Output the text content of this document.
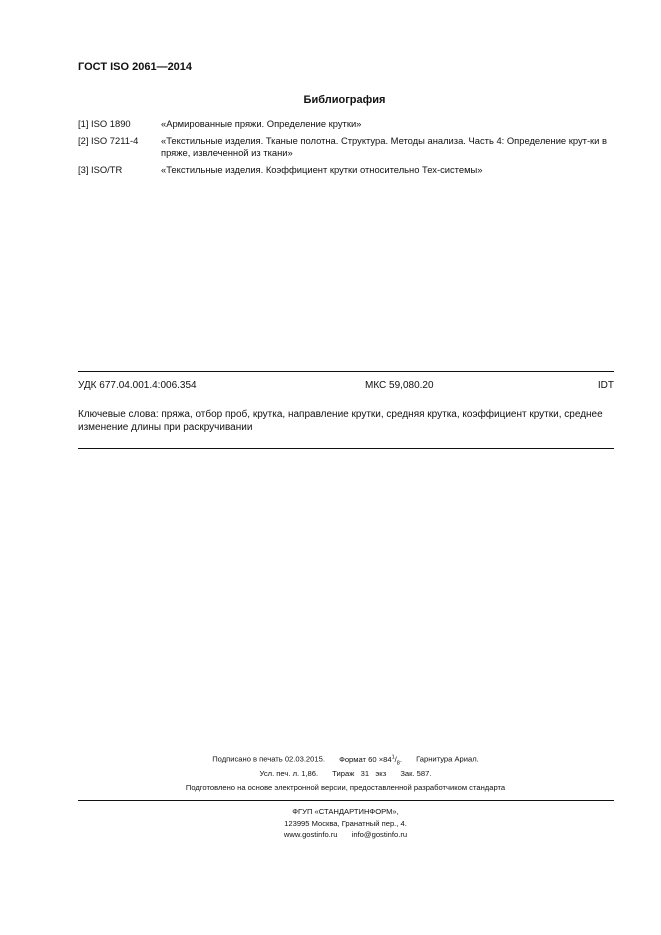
ГОСТ ISO 2061—2014
Библиография
[1] ISO 1890	«Армированные пряжи. Определение крутки»
[2] ISO 7211-4	«Текстильные изделия. Тканые полотна. Структура. Методы анализа. Часть 4: Определение крут-ки в пряже, извлеченной из ткани»
[3] ISO/TR	«Текстильные изделия. Коэффициент крутки относительно Тех-системы»
УДК 677.04.001.4:006.354	МКС 59,080.20	IDT
Ключевые слова: пряжа, отбор проб, крутка, направление крутки, средняя крутка, коэффициент крутки, среднее изменение длины при раскручивании
Подписано в печать 02.03.2015. Формат $60 \times 84^1/_8$. Гарнитура Ариал.
Усл. печ. л. 1,86. Тираж   31   экз Зак. 587.
Подготовлено на основе электронной версии, предоставленной разработчиком стандарта
ФГУП «СТАНДАРТИНФОРМ»,
123995 Москва, Гранатный пер., 4.
www.gostinfo.ru info@gostinfo.ru
